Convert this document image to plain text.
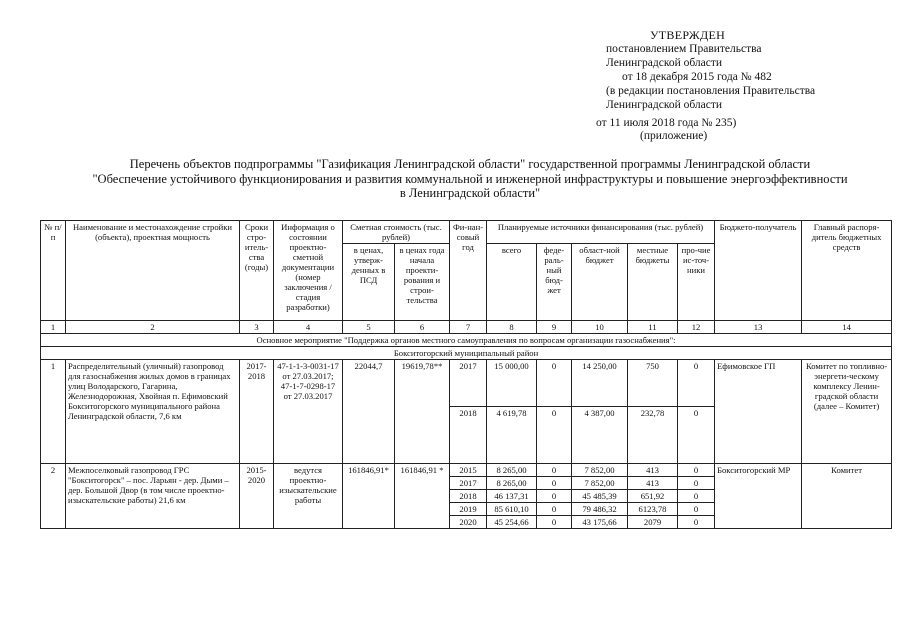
УТВЕРЖДЕН
постановлением Правительства
Ленинградской области
от 18 декабря 2015 года № 482
(в редакции постановления Правительства
Ленинградской области
от 11 июля 2018 года № 235)
(приложение)
Перечень объектов подпрограммы "Газификация Ленинградской области" государственной программы Ленинградской области
"Обеспечение устойчивого функционирования и развития коммунальной и инженерной инфраструктуры и повышение энергоэффективности
в Ленинградской области"
№ п/п	Наименование и местонахождение стройки (объекта), проектная мощность	Сроки стро-итель-ства (годы)	Информация о состоянии проектно-сметной документации (номер заключения / стадия разработки)	Сметная стоимость (тыс. рублей)		Фи-нан-совый год	Планируемые источники финансирования (тыс. рублей)					Бюджето-получатель	Главный распоря-дитель бюджетных средств
				в ценах, утверж-денных в ПСД	в ценах года начала проекти-рования и строи-тельства		всего	феде-раль-ный бюд-жет	област-ной бюджет	местные бюджеты	про-чие ис-точ-ники		
1	2	3	4	5	6	7	8	9	10	11	12	13	14
Основное мероприятие "Поддержка органов местного самоуправления по вопросам организации газоснабжения":													
Бокситогорский муниципальный район													
1	Распределительный (уличный) газопровод для газоснабжения жилых домов в границах улиц Володарского, Гагарина, Железнодорожная, Хвойная п. Ефимовский Бокситогорского муниципального района Ленинградской области, 7,6 км	2017-2018	47-1-1-3-0031-17 от 27.03.2017; 47-1-7-0298-17 от 27.03.2017	22044,7	19619,78**	2017	15 000,00	0	14 250,00	750	0	Ефимовское ГП	Комитет по топливно-энергети-ческому комплексу Ленин-градской области (далее – Комитет)
						2018	4 619,78	0	4 387,00	232,78	0		
2	Межпоселковый газопровод ГРС "Бокситогорск" – пос. Ларьян - дер. Дыми – дер. Большой Двор (в том числе проектно-изыскательские работы) 21,6 км	2015-2020	ведутся проектно-изыскательские работы	161846,91*	161846,91 *	2015	8 265,00	0	7 852,00	413	0	Бокситогорский МР	Комитет
						2017	8 265,00	0	7 852,00	413	0		
						2018	46 137,31	0	45 485,39	651,92	0		
						2019	85 610,10	0	79 486,32	6123,78	0		
						2020	45 254,66	0	43 175,66	2079	0		
